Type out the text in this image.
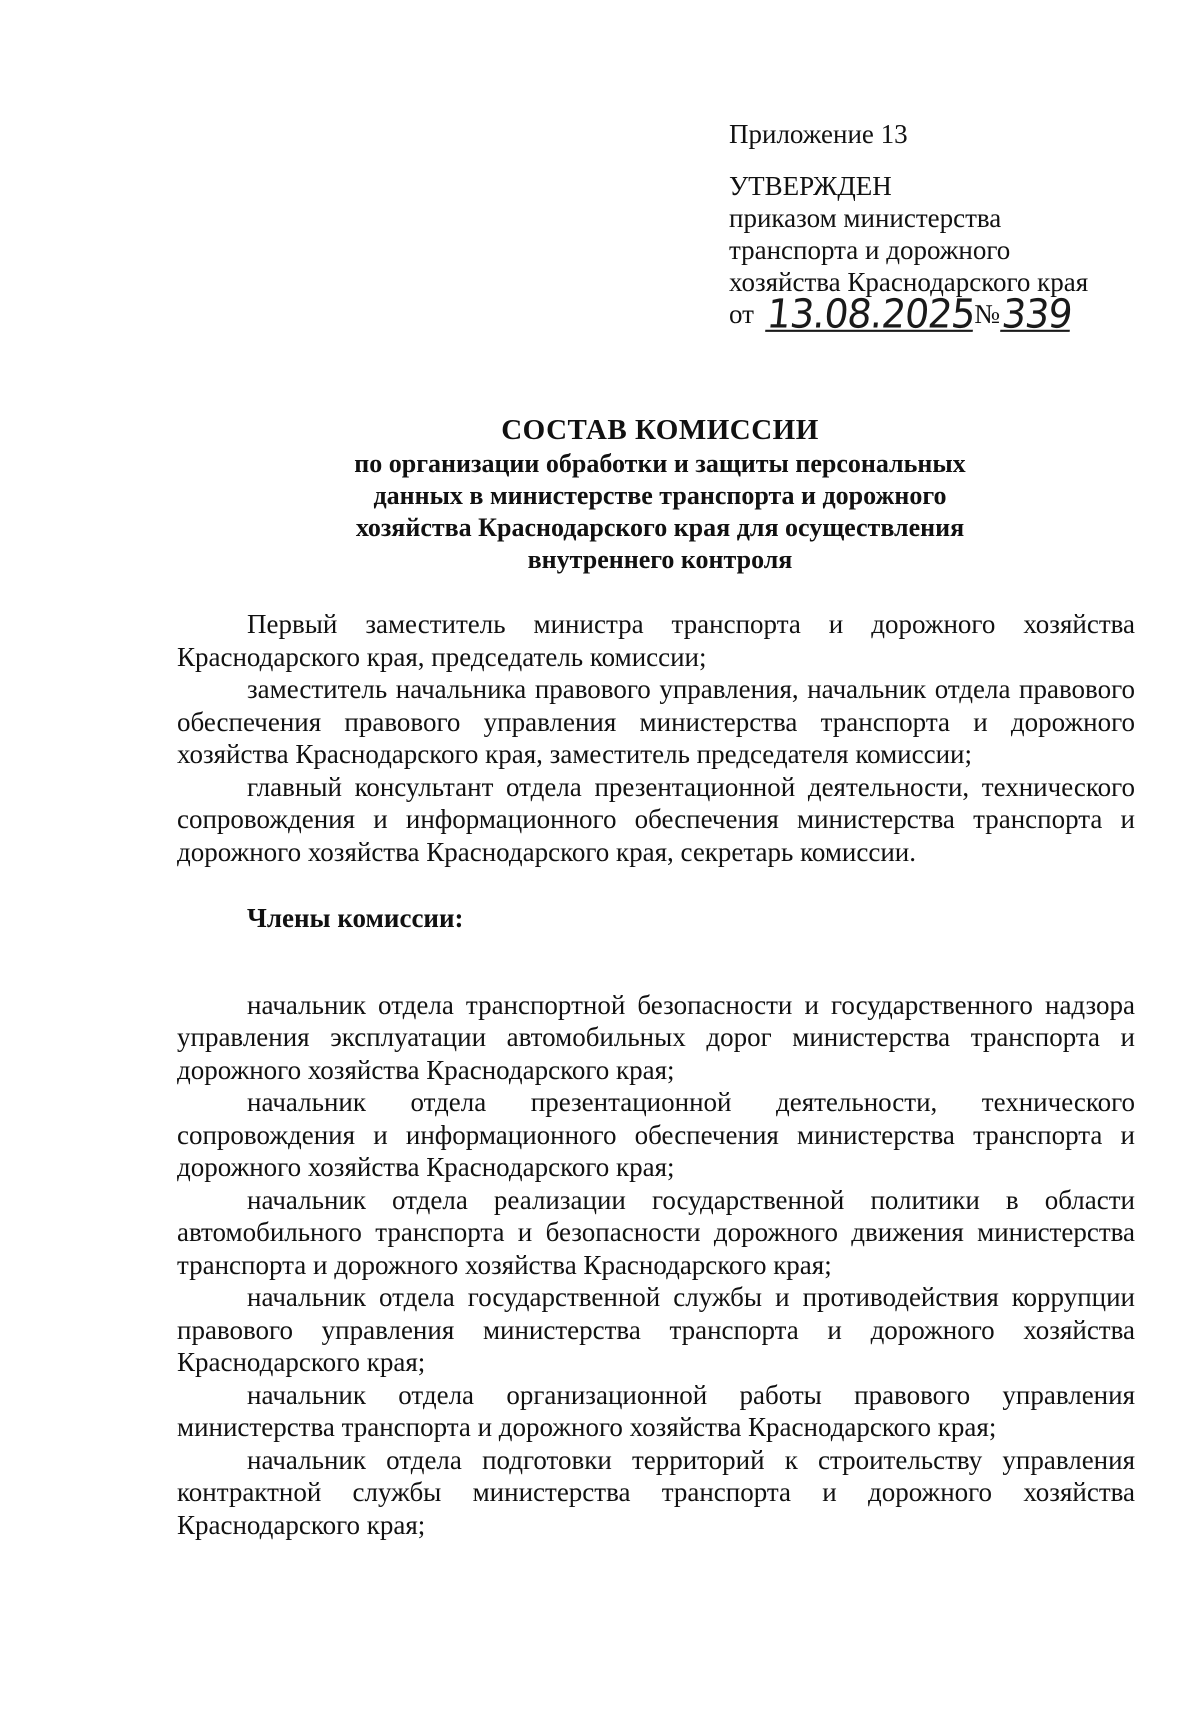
Приложение 13

УТВЕРЖДЕН

приказом министерства

транспорта и дорожного

хозяйства Краснодарского края

от 13.08.2025№339

СОСТАВ КОМИССИИ

по организации обработки и защиты персональных

данных в министерстве транспорта и дорожного

хозяйства Краснодарского края для осуществления

внутреннего контроля

Первый заместитель министра транспорта и дорожного хозяйства Краснодарского края, председатель комиссии;

заместитель начальника правового управления, начальник отдела правового обеспечения правового управления министерства транспорта и дорожного хозяйства Краснодарского края, заместитель председателя комиссии;

главный консультант отдела презентационной деятельности, технического сопровождения и информационного обеспечения министерства транспорта и дорожного хозяйства Краснодарского края, секретарь комиссии.

Члены комиссии:

начальник отдела транспортной безопасности и государственного надзора управления эксплуатации автомобильных дорог министерства транспорта и дорожного хозяйства Краснодарского края;

начальник отдела презентационной деятельности, технического сопровождения и информационного обеспечения министерства транспорта и дорожного хозяйства Краснодарского края;

начальник отдела реализации государственной политики в области автомобильного транспорта и безопасности дорожного движения министерства транспорта и дорожного хозяйства Краснодарского края;

начальник отдела государственной службы и противодействия коррупции правового управления министерства транспорта и дорожного хозяйства Краснодарского края;

начальник отдела организационной работы правового управления министерства транспорта и дорожного хозяйства Краснодарского края;

начальник отдела подготовки территорий к строительству управления контрактной службы министерства транспорта и дорожного хозяйства Краснодарского края;
